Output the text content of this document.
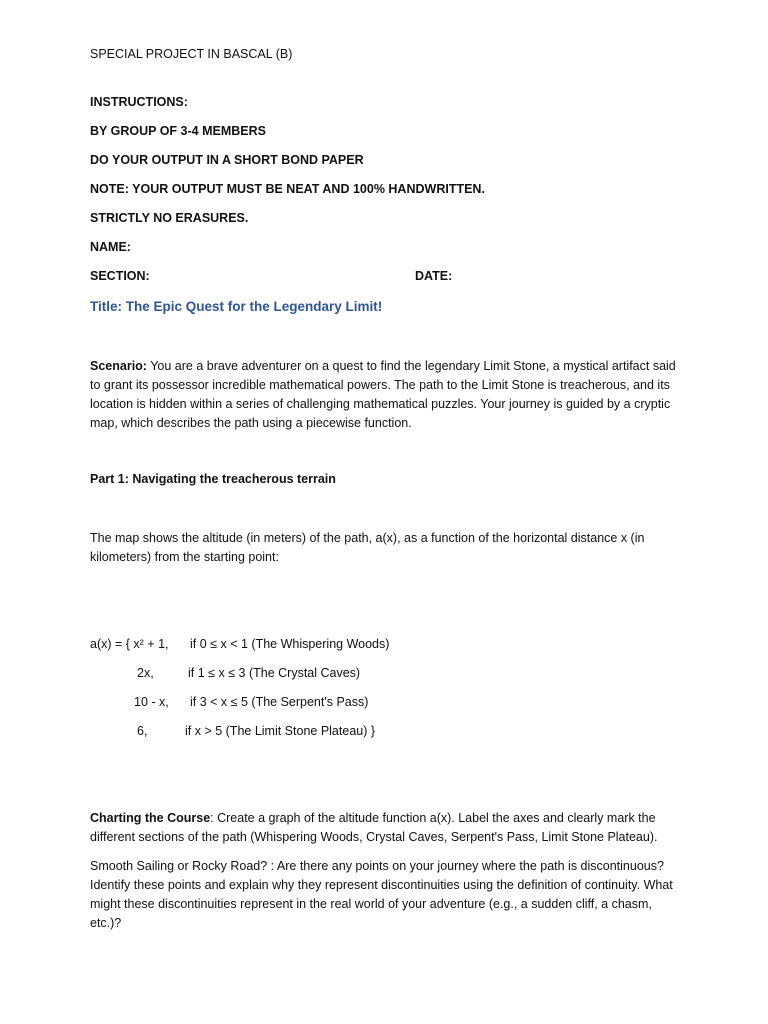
SPECIAL PROJECT IN BASCAL (B)
INSTRUCTIONS:
BY GROUP OF 3-4 MEMBERS
DO YOUR OUTPUT IN A SHORT BOND PAPER
NOTE: YOUR OUTPUT MUST BE NEAT AND 100% HANDWRITTEN.
STRICTLY NO ERASURES.
NAME:
SECTION:	DATE:
Title: The Epic Quest for the Legendary Limit!
Scenario: You are a brave adventurer on a quest to find the legendary Limit Stone, a mystical artifact said to grant its possessor incredible mathematical powers. The path to the Limit Stone is treacherous, and its location is hidden within a series of challenging mathematical puzzles. Your journey is guided by a cryptic map, which describes the path using a piecewise function.
Part 1: Navigating the treacherous terrain
The map shows the altitude (in meters) of the path, a(x), as a function of the horizontal distance x (in kilometers) from the starting point:
a(x) = { x² + 1, if 0 ≤ x < 1 (The Whispering Woods)
2x,	if 1 ≤ x ≤ 3 (The Crystal Caves)
10 - x, if 3 < x ≤ 5 (The Serpent's Pass)
6,	if x > 5 (The Limit Stone Plateau) }
Charting the Course: Create a graph of the altitude function a(x). Label the axes and clearly mark the different sections of the path (Whispering Woods, Crystal Caves, Serpent's Pass, Limit Stone Plateau).
Smooth Sailing or Rocky Road? : Are there any points on your journey where the path is discontinuous? Identify these points and explain why they represent discontinuities using the definition of continuity. What might these discontinuities represent in the real world of your adventure (e.g., a sudden cliff, a chasm, etc.)?
